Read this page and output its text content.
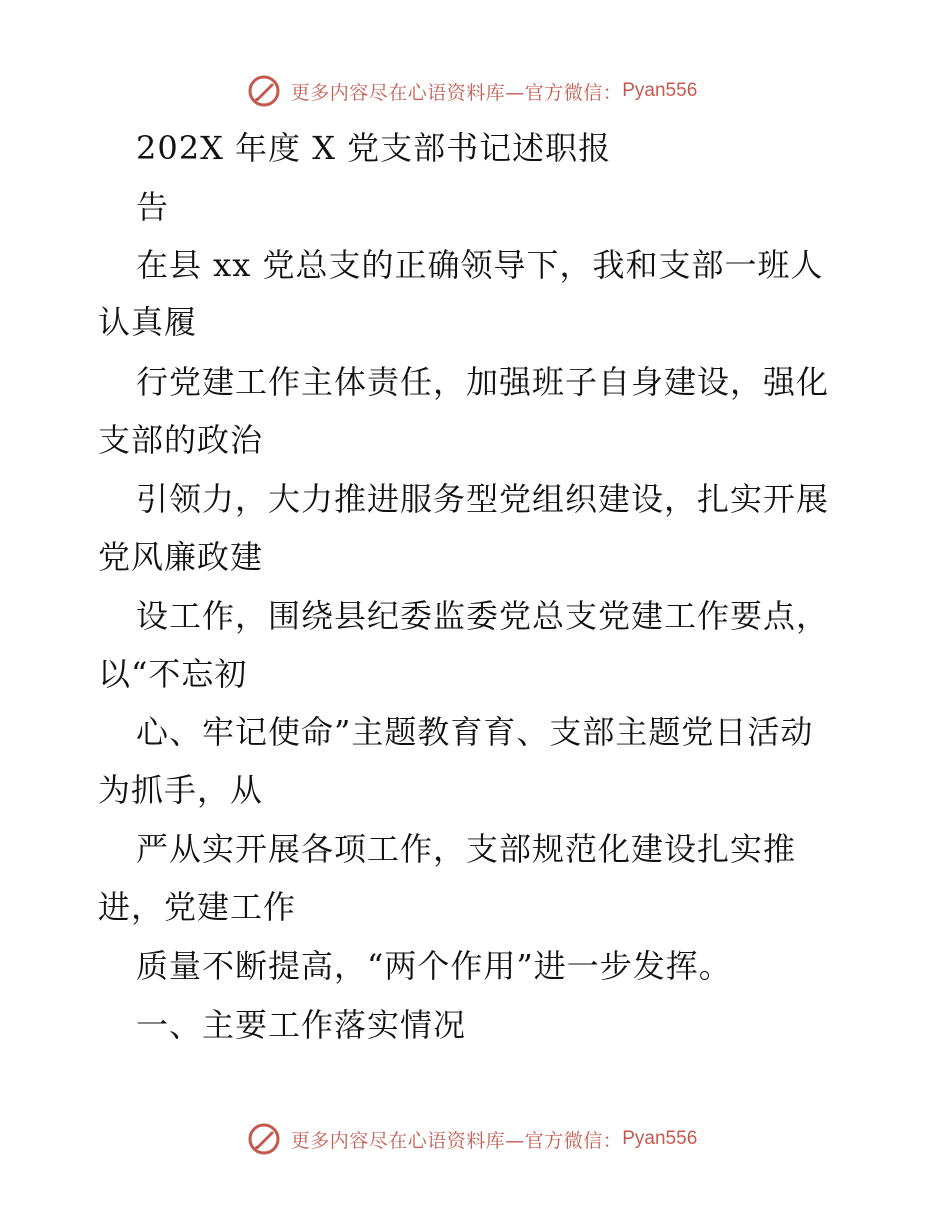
更多内容尽在心语资料库—官方微信： Pyan556
202X 年度 X 党支部书记述职报
告
在县 xx 党总支的正确领导下，我和支部一班人
认真履
行党建工作主体责任，加强班子自身建设，强化
支部的政治
引领力，大力推进服务型党组织建设，扎实开展
党风廉政建
设工作，围绕县纪委监委党总支党建工作要点，
以“不忘初
心、牢记使命”主题教育育、支部主题党日活动
为抓手，从
严从实开展各项工作，支部规范化建设扎实推
进，党建工作
质量不断提高，“两个作用”进一步发挥。
一、主要工作落实情况
更多内容尽在心语资料库—官方微信： Pyan556
